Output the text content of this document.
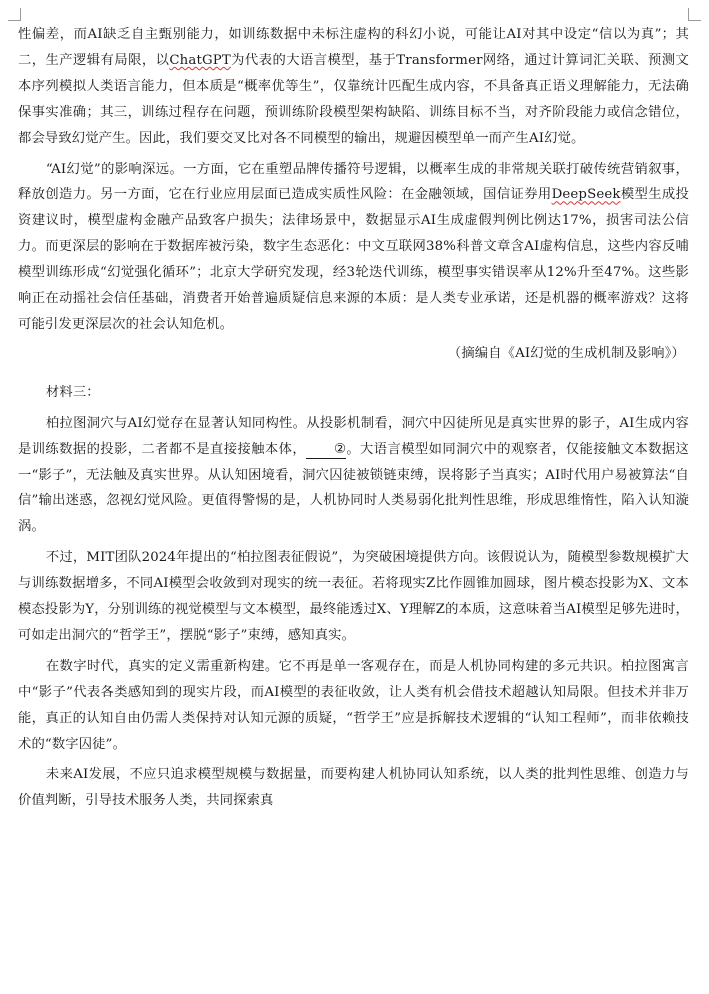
性偏差，而AI缺乏自主甄别能力，如训练数据中未标注虚构的科幻小说，可能让AI对其中设定“信以为真”；其二，生产逻辑有局限，以ChatGPT为代表的大语言模型，基于Transformer网络，通过计算词汇关联、预测文本序列模拟人类语言能力，但本质是“概率优等生”，仅靠统计匹配生成内容，不具备真正语义理解能力，无法确保事实准确；其三，训练过程存在问题，预训练阶段模型架构缺陷、训练目标不当，对齐阶段能力或信念错位，都会导致幻觉产生。因此，我们要交叉比对各不同模型的输出，规避因模型单一而产生AI幻觉。

“AI幻觉”的影响深远。一方面，它在重塑品牌传播符号逻辑，以概率生成的非常规关联打破传统营销叙事，释放创造力。另一方面，它在行业应用层面已造成实质性风险：在金融领域，国信证券用DeepSeek模型生成投资建议时，模型虚构金融产品致客户损失；法律场景中，数据显示AI生成虚假判例比例达17%，损害司法公信力。而更深层的影响在于数据库被污染，数字生态恶化：中文互联网38%科普文章含AI虚构信息，这些内容反哺模型训练形成“幻觉强化循环”；北京大学研究发现，经3轮迭代训练，模型事实错误率从12%升至47%。这些影响正在动摇社会信任基础，消费者开始普遍质疑信息来源的本质：是人类专业承诺，还是机器的概率游戏？这将可能引发更深层次的社会认知危机。

（摘编自《AI幻觉的生成机制及影响》）

材料三：

柏拉图洞穴与AI幻觉存在显著认知同构性。从投影机制看，洞穴中囚徒所见是真实世界的影子，AI生成内容是训练数据的投影，二者都不是直接接触本体， ②。大语言模型如同洞穴中的观察者，仅能接触文本数据这一“影子”，无法触及真实世界。从认知困境看，洞穴囚徒被锁链束缚，误将影子当真实；AI时代用户易被算法“自信”输出迷惑，忽视幻觉风险。更值得警惕的是，人机协同时人类易弱化批判性思维，形成思维惰性，陷入认知漩涡。

不过，MIT团队2024年提出的“柏拉图表征假说”，为突破困境提供方向。该假说认为，随模型参数规模扩大与训练数据增多，不同AI模型会收敛到对现实的统一表征。若将现实Z比作圆锥加圆球，图片模态投影为X、文本模态投影为Y，分别训练的视觉模型与文本模型，最终能透过X、Y理解Z的本质，这意味着当AI模型足够先进时，可如走出洞穴的“哲学王”，摆脱“影子”束缚，感知真实。

在数字时代，真实的定义需重新构建。它不再是单一客观存在，而是人机协同构建的多元共识。柏拉图寓言中“影子”代表各类感知到的现实片段，而AI模型的表征收敛，让人类有机会借技术超越认知局限。但技术并非万能，真正的认知自由仍需人类保持对认知元源的质疑，“哲学王”应是拆解技术逻辑的“认知工程师”，而非依赖技术的“数字囚徒”。

未来AI发展，不应只追求模型规模与数据量，而要构建人机协同认知系统，以人类的批判性思维、创造力与价值判断，引导技术服务人类，共同探索真
